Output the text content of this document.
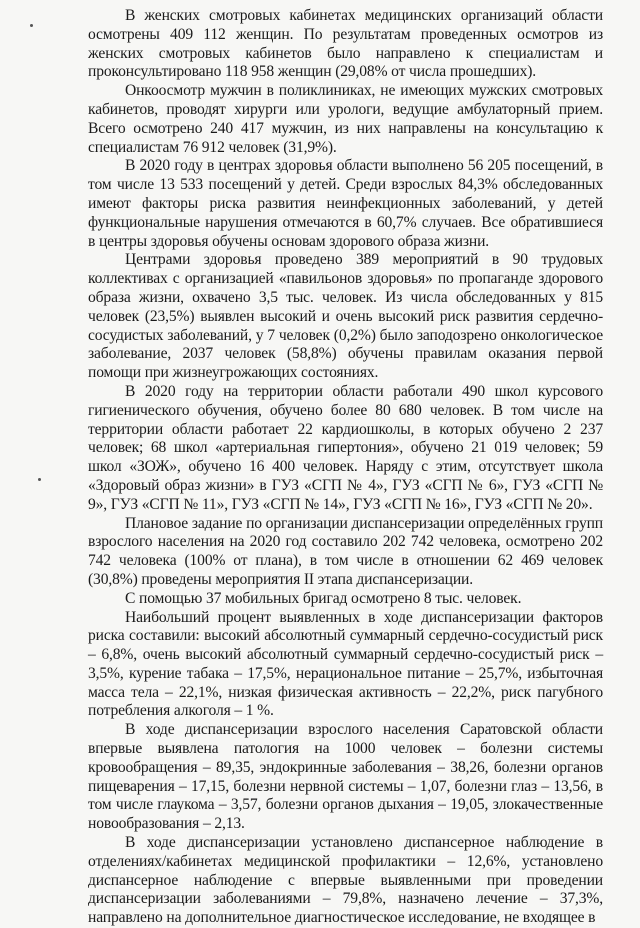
В женских смотровых кабинетах медицинских организаций области осмотрены 409 112 женщин. По результатам проведенных осмотров из женских смотровых кабинетов было направлено к специалистам и проконсультировано 118 958 женщин (29,08% от числа прошедших).

Онкоосмотр мужчин в поликлиниках, не имеющих мужских смотровых кабинетов, проводят хирурги или урологи, ведущие амбулаторный прием. Всего осмотрено 240 417 мужчин, из них направлены на консультацию к специалистам 76 912 человек (31,9%).

В 2020 году в центрах здоровья области выполнено 56 205 посещений, в том числе 13 533 посещений у детей. Среди взрослых 84,3% обследованных имеют факторы риска развития неинфекционных заболеваний, у детей функциональные нарушения отмечаются в 60,7% случаев. Все обратившиеся в центры здоровья обучены основам здорового образа жизни.

Центрами здоровья проведено 389 мероприятий в 90 трудовых коллективах с организацией «павильонов здоровья» по пропаганде здорового образа жизни, охвачено 3,5 тыс. человек. Из числа обследованных у 815 человек (23,5%) выявлен высокий и очень высокий риск развития сердечно-сосудистых заболеваний, у 7 человек (0,2%) было заподозрено онкологическое заболевание, 2037 человек (58,8%) обучены правилам оказания первой помощи при жизнеугрожающих состояниях.

В 2020 году на территории области работали 490 школ курсового гигиенического обучения, обучено более 80 680 человек. В том числе на территории области работает 22 кардиошколы, в которых обучено 2 237 человек; 68 школ «артериальная гипертония», обучено 21 019 человек; 59 школ «ЗОЖ», обучено 16 400 человек. Наряду с этим, отсутствует школа «Здоровый образ жизни» в ГУЗ «СГП № 4», ГУЗ «СГП № 6», ГУЗ «СГП № 9», ГУЗ «СГП № 11», ГУЗ «СГП № 14», ГУЗ «СГП № 16», ГУЗ «СГП № 20».

Плановое задание по организации диспансеризации определённых групп взрослого населения на 2020 год составило 202 742 человека, осмотрено 202 742 человека (100% от плана), в том числе в отношении 62 469 человек (30,8%) проведены мероприятия II этапа диспансеризации.

С помощью 37 мобильных бригад осмотрено 8 тыс. человек.

Наибольший процент выявленных в ходе диспансеризации факторов риска составили: высокий абсолютный суммарный сердечно-сосудистый риск – 6,8%, очень высокий абсолютный суммарный сердечно-сосудистый риск – 3,5%, курение табака – 17,5%, нерациональное питание – 25,7%, избыточная масса тела – 22,1%, низкая физическая активность – 22,2%, риск пагубного потребления алкоголя – 1 %.

В ходе диспансеризации взрослого населения Саратовской области впервые выявлена патология на 1000 человек – болезни системы кровообращения – 89,35, эндокринные заболевания – 38,26, болезни органов пищеварения – 17,15, болезни нервной системы – 1,07, болезни глаз – 13,56, в том числе глаукома – 3,57, болезни органов дыхания – 19,05, злокачественные новообразования – 2,13.

В ходе диспансеризации установлено диспансерное наблюдение в отделениях/кабинетах медицинской профилактики – 12,6%, установлено диспансерное наблюдение с впервые выявленными при проведении диспансеризации заболеваниями – 79,8%, назначено лечение – 37,3%, направлено на дополнительное диагностическое исследование, не входящее в
